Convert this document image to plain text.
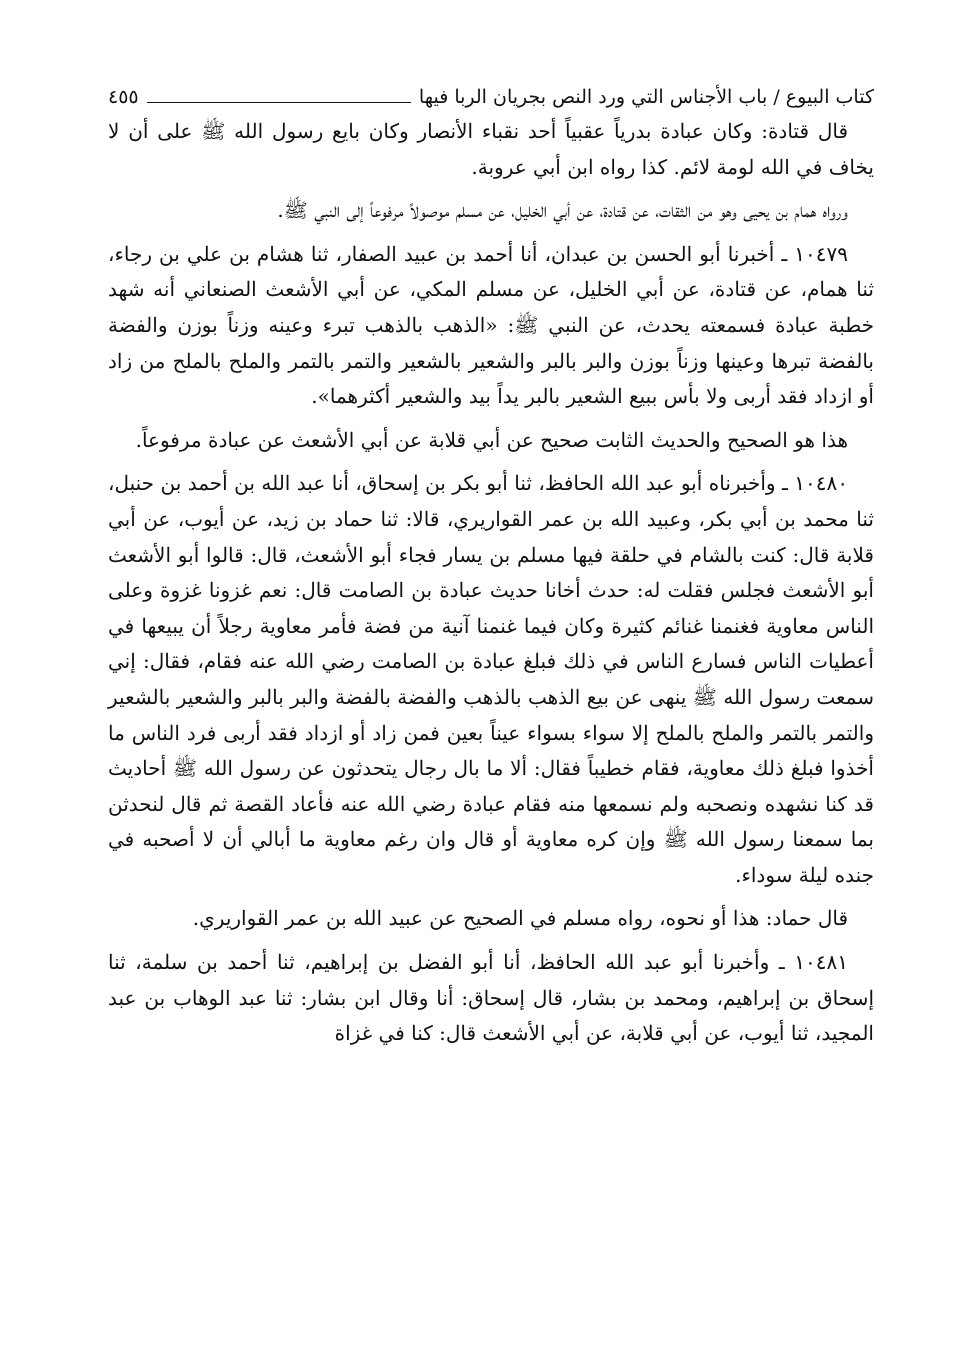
كتاب البيوع / باب الأجناس التي ورد النص بجريان الربا فيها
٤٥٥

قال قتادة: وكان عبادة بدرياً عقبياً أحد نقباء الأنصار وكان بايع رسول الله ﷺ على أن لا يخاف في الله لومة لائم. كذا رواه ابن أبي عروبة.

ورواه همام بن يحيى وهو من الثقات، عن قتادة، عن أبي الخليل، عن مسلم موصولاً مرفوعاً إلى النبي ﷺ.

١٠٤٧٩ ـ أخبرنا أبو الحسن بن عبدان، أنا أحمد بن عبيد الصفار، ثنا هشام بن علي بن رجاء، ثنا همام، عن قتادة، عن أبي الخليل، عن مسلم المكي، عن أبي الأشعث الصنعاني أنه شهد خطبة عبادة فسمعته يحدث، عن النبي ﷺ: «الذهب بالذهب تبرء وعينه وزناً بوزن والفضة بالفضة تبرها وعينها وزناً بوزن والبر بالبر والشعير بالشعير والتمر بالتمر والملح بالملح من زاد أو ازداد فقد أربى ولا بأس ببيع الشعير بالبر يداً بيد والشعير أكثرهما».

هذا هو الصحيح والحديث الثابت صحيح عن أبي قلابة عن أبي الأشعث عن عبادة مرفوعاً.

١٠٤٨٠ ـ وأخبرناه أبو عبد الله الحافظ، ثنا أبو بكر بن إسحاق، أنا عبد الله بن أحمد بن حنبل، ثنا محمد بن أبي بكر، وعبيد الله بن عمر القواريري، قالا: ثنا حماد بن زيد، عن أيوب، عن أبي قلابة قال: كنت بالشام في حلقة فيها مسلم بن يسار فجاء أبو الأشعث، قال: قالوا أبو الأشعث أبو الأشعث فجلس فقلت له: حدث أخانا حديث عبادة بن الصامت قال: نعم غزونا غزوة وعلى الناس معاوية فغنمنا غنائم كثيرة وكان فيما غنمنا آنية من فضة فأمر معاوية رجلاً أن يبيعها في أعطيات الناس فسارع الناس في ذلك فبلغ عبادة بن الصامت رضي الله عنه فقام، فقال: إني سمعت رسول الله ﷺ ينهى عن بيع الذهب بالذهب والفضة بالفضة والبر بالبر والشعير بالشعير والتمر بالتمر والملح بالملح إلا سواء بسواء عيناً بعين فمن زاد أو ازداد فقد أربى فرد الناس ما أخذوا فبلغ ذلك معاوية، فقام خطيباً فقال: ألا ما بال رجال يتحدثون عن رسول الله ﷺ أحاديث قد كنا نشهده ونصحبه ولم نسمعها منه فقام عبادة رضي الله عنه فأعاد القصة ثم قال لنحدثن بما سمعنا رسول الله ﷺ وإن كره معاوية أو قال وان رغم معاوية ما أبالي أن لا أصحبه في جنده ليلة سوداء.

قال حماد: هذا أو نحوه، رواه مسلم في الصحيح عن عبيد الله بن عمر القواريري.

١٠٤٨١ ـ وأخبرنا أبو عبد الله الحافظ، أنا أبو الفضل بن إبراهيم، ثنا أحمد بن سلمة، ثنا إسحاق بن إبراهيم، ومحمد بن بشار، قال إسحاق: أنا وقال ابن بشار: ثنا عبد الوهاب بن عبد المجيد، ثنا أيوب، عن أبي قلابة، عن أبي الأشعث قال: كنا في غزاة
